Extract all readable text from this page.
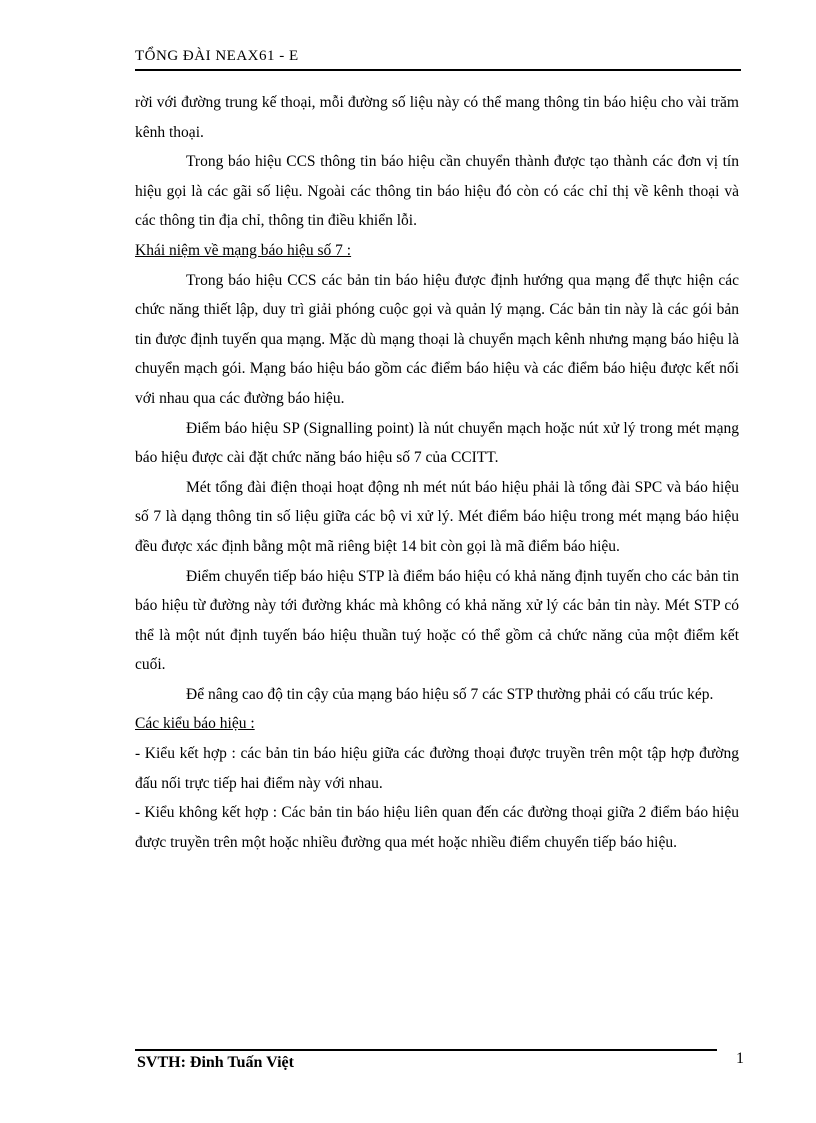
TỔNG ĐÀI NEAX61 - E

rời với đường trung kế thoại, mỗi đường số liệu này có thể mang thông tin báo hiệu cho vài trăm kênh thoại.

Trong báo hiệu CCS thông tin báo hiệu cần chuyển thành được tạo thành các đơn vị tín hiệu gọi là các gãi số liệu. Ngoài các thông tin báo hiệu đó còn có các chỉ thị về kênh thoại và các thông tin địa chỉ, thông tin điều khiển lỗi.

Khái niệm về mạng báo hiệu số 7 :

Trong báo hiệu CCS các bản tin báo hiệu được định hướng qua mạng để thực hiện các chức năng thiết lập, duy trì giải phóng cuộc gọi và quản lý mạng. Các bản tin này là các gói bản tin được định tuyến qua mạng. Mặc dù mạng thoại là chuyển mạch kênh nhưng mạng báo hiệu là chuyển mạch gói. Mạng báo hiệu báo gồm các điểm báo hiệu và các điểm báo hiệu được kết nối với nhau qua các đường báo hiệu.

Điểm báo hiệu SP (Signalling point) là nút chuyển mạch hoặc nút xử lý trong mét mạng báo hiệu được cài đặt chức năng báo hiệu số 7 của CCITT.

Mét tổng đài điện thoại hoạt động nh mét nút báo hiệu phải là tổng đài SPC và báo hiệu số 7 là dạng thông tin số liệu giữa các bộ vi xử lý. Mét điểm báo hiệu trong mét mạng báo hiệu đều được xác định bằng một mã riêng biệt 14 bit còn gọi là mã điểm báo hiệu.

Điểm chuyển tiếp báo hiệu STP là điểm báo hiệu có khả năng định tuyến cho các bản tin báo hiệu từ đường này tới đường khác mà không có khả năng xử lý các bản tin này. Mét STP có thể là một nút định tuyến báo hiệu thuần tuý hoặc có thể gồm cả chức năng của một điểm kết cuối.

Để nâng cao độ tin cậy của mạng báo hiệu số 7 các STP thường phải có cấu trúc kép.

Các kiểu báo hiệu :

- Kiểu kết hợp : các bản tin báo hiệu giữa các đường thoại được truyền trên một tập hợp đường đấu nối trực tiếp hai điểm này với nhau.

- Kiểu không kết hợp : Các bản tin báo hiệu liên quan đến các đường thoại giữa 2 điểm báo hiệu được truyền trên một hoặc nhiều đường qua mét hoặc nhiều điểm chuyển tiếp báo hiệu.

SVTH: Đinh Tuấn Việt	1
